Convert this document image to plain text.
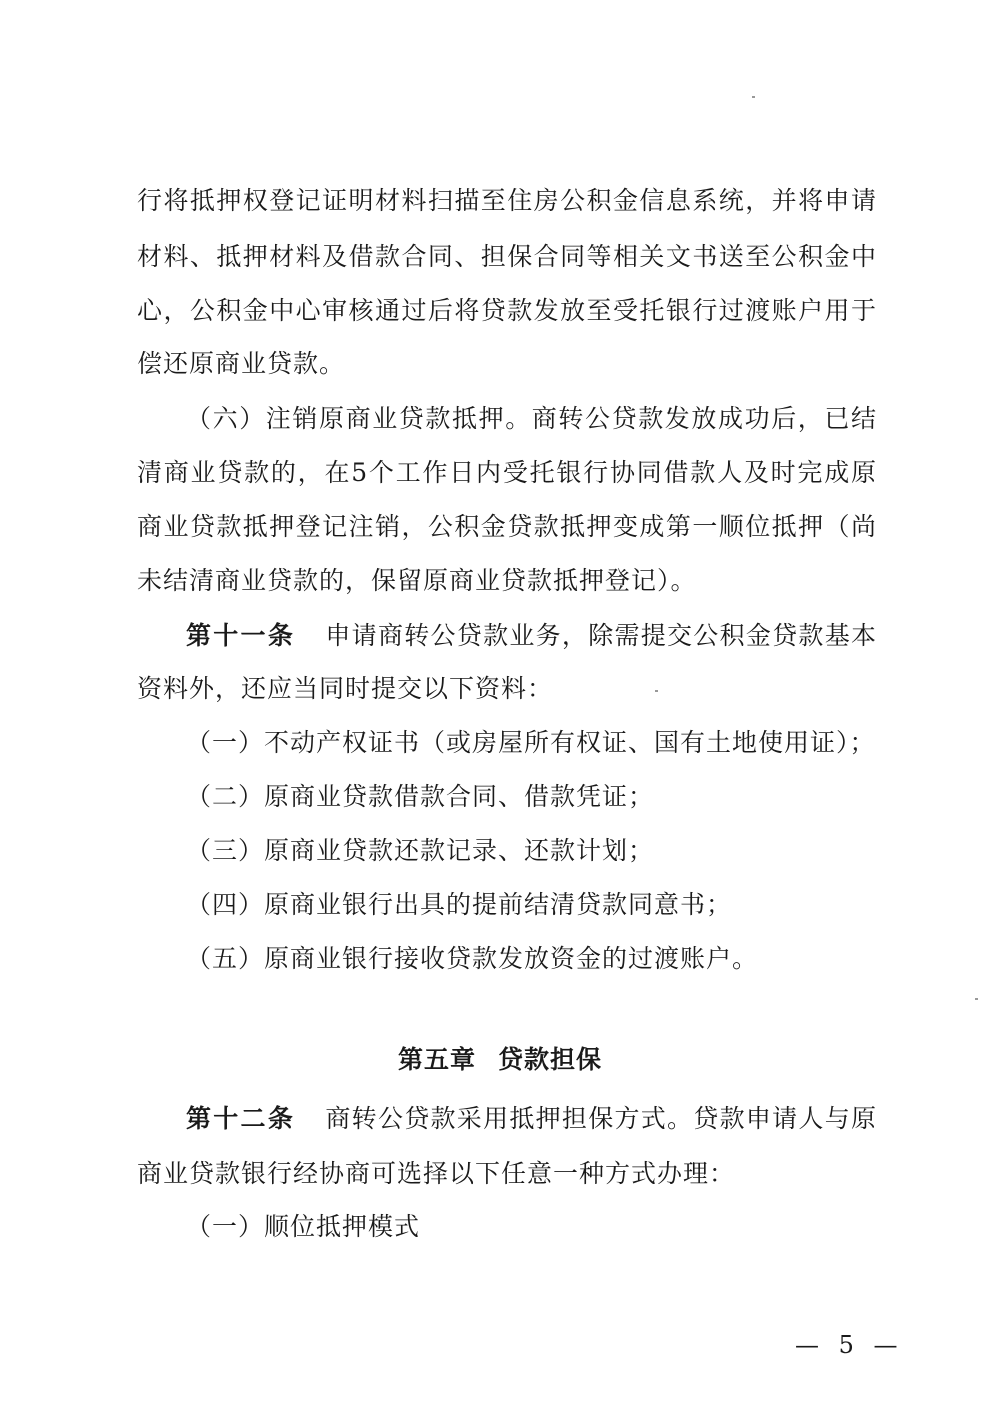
行将抵押权登记证明材料扫描至住房公积金信息系统，并将申请
材料、抵押材料及借款合同、担保合同等相关文书送至公积金中
心，公积金中心审核通过后将贷款发放至受托银行过渡账户用于
偿还原商业贷款。
（六）注销原商业贷款抵押。商转公贷款发放成功后，已结
清商业贷款的，在5个工作日内受托银行协同借款人及时完成原
商业贷款抵押登记注销，公积金贷款抵押变成第一顺位抵押（尚
未结清商业贷款的，保留原商业贷款抵押登记）。
第十一条 申请商转公贷款业务，除需提交公积金贷款基本
资料外，还应当同时提交以下资料：
（一）不动产权证书（或房屋所有权证、国有土地使用证）；
（二）原商业贷款借款合同、借款凭证；
（三）原商业贷款还款记录、还款计划；
（四）原商业银行出具的提前结清贷款同意书；
（五）原商业银行接收贷款发放资金的过渡账户。
第五章 贷款担保
第十二条 商转公贷款采用抵押担保方式。贷款申请人与原
商业贷款银行经协商可选择以下任意一种方式办理：
（一）顺位抵押模式
— 5 —
